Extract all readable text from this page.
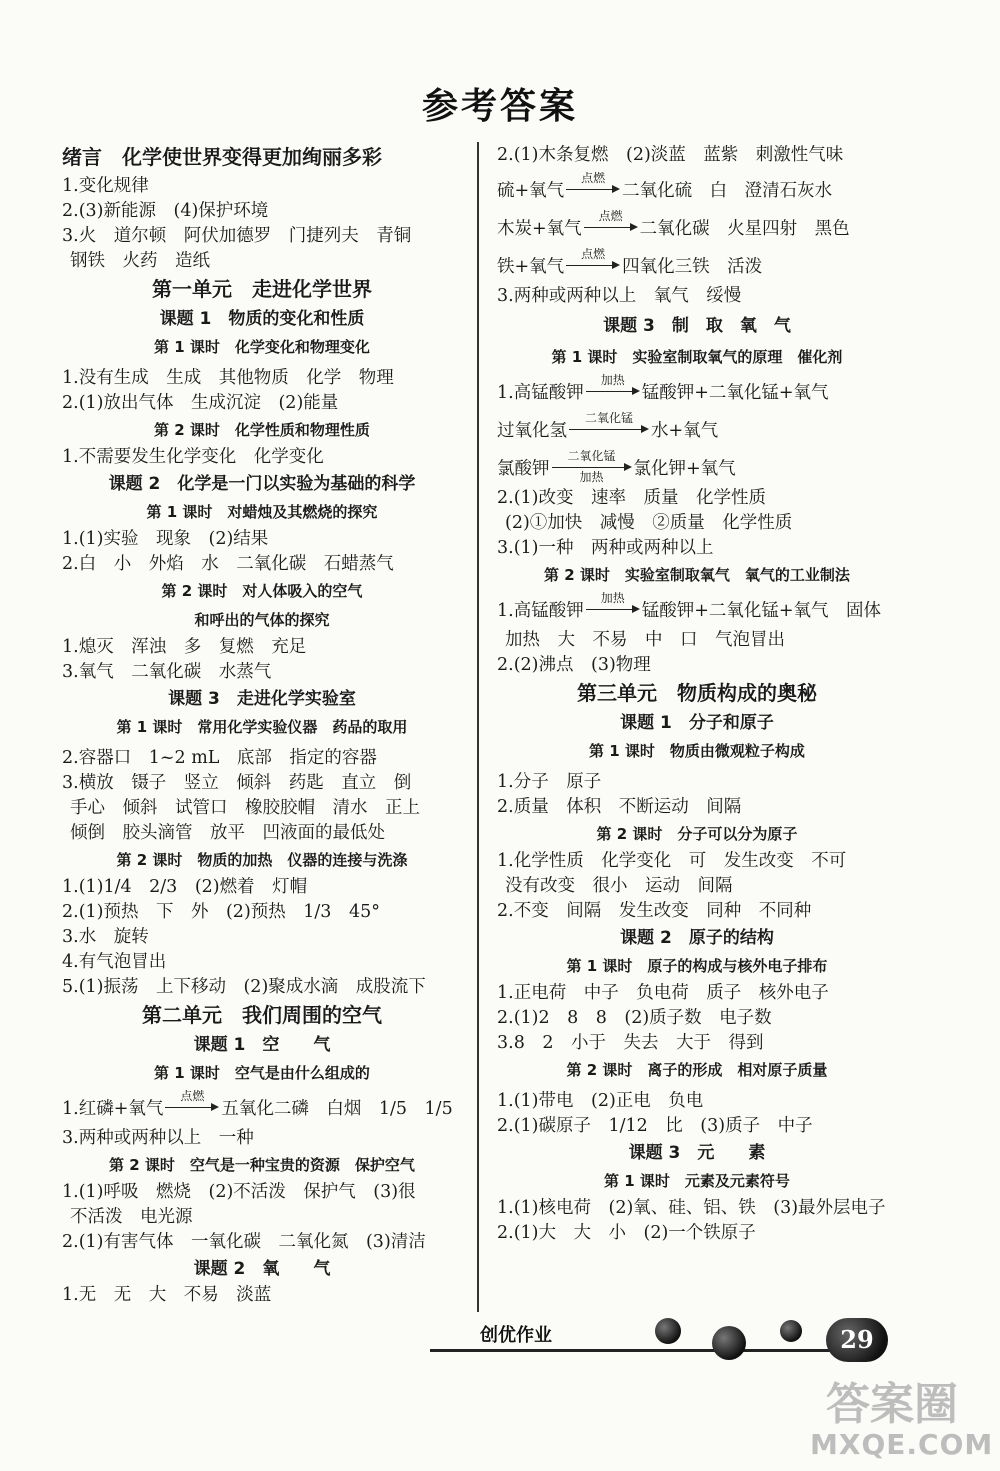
参考答案
绪言　化学使世界变得更加绚丽多彩
1.变化规律
2.(3)新能源　(4)保护环境
3.火　道尔顿　阿伏加德罗　门捷列夫　青铜
钢铁　火药　造纸
第一单元　走进化学世界
课题 1　物质的变化和性质
第 1 课时　化学变化和物理变化
1.没有生成　生成　其他物质　化学　物理
2.(1)放出气体　生成沉淀　(2)能量
第 2 课时　化学性质和物理性质
1.不需要发生化学变化　化学变化
课题 2　化学是一门以实验为基础的科学
第 1 课时　对蜡烛及其燃烧的探究
1.(1)实验　现象　(2)结果
2.白　小　外焰　水　二氧化碳　石蜡蒸气
第 2 课时　对人体吸入的空气
和呼出的气体的探究
1.熄灭　浑浊　多　复燃　充足
3.氧气　二氧化碳　水蒸气
课题 3　走进化学实验室
第 1 课时　常用化学实验仪器　药品的取用
2.容器口　1~2 mL　底部　指定的容器
3.横放　镊子　竖立　倾斜　药匙　直立　倒
手心　倾斜　试管口　橡胶胶帽　清水　正上
倾倒　胶头滴管　放平　凹液面的最低处
第 2 课时　物质的加热　仪器的连接与洗涤
1.(1)1/4　2/3　(2)燃着　灯帽
2.(1)预热　下　外　(2)预热　1/3　45°
3.水　旋转
4.有气泡冒出
5.(1)振荡　上下移动　(2)聚成水滴　成股流下
第二单元　我们周围的空气
课题 1　空　　气
第 1 课时　空气是由什么组成的
1.红磷+氧气
点燃
五氧化二磷　白烟　1/5　1/5
3.两种或两种以上　一种
第 2 课时　空气是一种宝贵的资源　保护空气
1.(1)呼吸　燃烧　(2)不活泼　保护气　(3)很
不活泼　电光源
2.(1)有害气体　一氧化碳　二氧化氮　(3)清洁
课题 2　氧　　气
1.无　无　大　不易　淡蓝
2.(1)木条复燃　(2)淡蓝　蓝紫　刺激性气味
硫+氧气
点燃
二氧化硫　白　澄清石灰水
木炭+氧气
点燃
二氧化碳　火星四射　黑色
铁+氧气
点燃
四氧化三铁　活泼
3.两种或两种以上　氧气　绥慢
课题 3　制　取　氧　气
第 1 课时　实验室制取氧气的原理　催化剂
1.高锰酸钾
加热
锰酸钾+二氧化锰+氧气
过氧化氢
二氧化锰
水+氧气
氯酸钾
二氧化锰
加热	氯化钾+氧气
2.(1)改变　速率　质量　化学性质
(2)①加快　减慢　②质量　化学性质
3.(1)一种　两种或两种以上
第 2 课时　实验室制取氧气　氧气的工业制法
1.高锰酸钾
加热
锰酸钾+二氧化锰+氧气　固体
加热　大　不易　中　口　气泡冒出
2.(2)沸点　(3)物理
第三单元　物质构成的奥秘
课题 1　分子和原子
第 1 课时　物质由微观粒子构成
1.分子　原子
2.质量　体积　不断运动　间隔
第 2 课时　分子可以分为原子
1.化学性质　化学变化　可　发生改变　不可
没有改变　很小　运动　间隔
2.不变　间隔　发生改变　同种　不同种
课题 2　原子的结构
第 1 课时　原子的构成与核外电子排布
1.正电荷　中子　负电荷　质子　核外电子
2.(1)2　8　8　(2)质子数　电子数
3.8　2　小于　失去　大于　得到
第 2 课时　离子的形成　相对原子质量
1.(1)带电　(2)正电　负电
2.(1)碳原子　1/12　比　(3)质子　中子
课题 3　元　　素
第 1 课时　元素及元素符号
1.(1)核电荷　(2)氧、硅、铝、铁　(3)最外层电子
2.(1)大　大　小　(2)一个铁原子
创优作业	29
答案圈
MXQE.COM
